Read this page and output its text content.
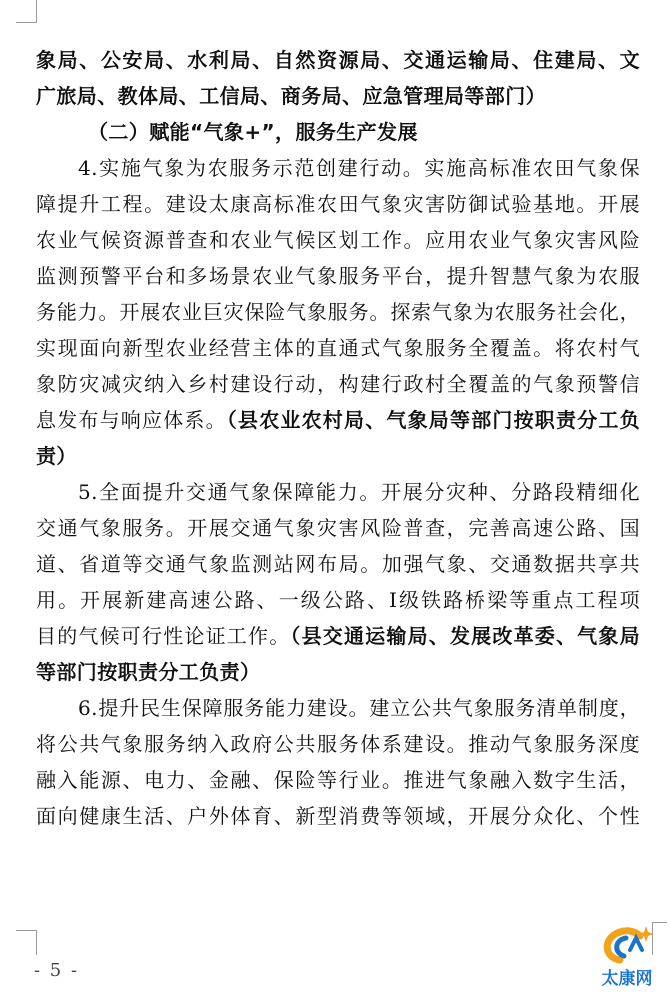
象局、公安局、水利局、自然资源局、交通运输局、住建局、文
广旅局、教体局、工信局、商务局、应急管理局等部门）
（二）赋能“气象+”，服务生产发展
4.实施气象为农服务示范创建行动。实施高标准农田气象保
障提升工程。建设太康高标准农田气象灾害防御试验基地。开展
农业气候资源普查和农业气候区划工作。应用农业气象灾害风险
监测预警平台和多场景农业气象服务平台，提升智慧气象为农服
务能力。开展农业巨灾保险气象服务。探索气象为农服务社会化，
实现面向新型农业经营主体的直通式气象服务全覆盖。将农村气
象防灾减灾纳入乡村建设行动，构建行政村全覆盖的气象预警信
息发布与响应体系。（县农业农村局、气象局等部门按职责分工负
责）
5.全面提升交通气象保障能力。开展分灾种、分路段精细化
交通气象服务。开展交通气象灾害风险普查，完善高速公路、国
道、省道等交通气象监测站网布局。加强气象、交通数据共享共
用。开展新建高速公路、一级公路、Ⅰ级铁路桥梁等重点工程项
目的气候可行性论证工作。（县交通运输局、发展改革委、气象局
等部门按职责分工负责）
6.提升民生保障服务能力建设。建立公共气象服务清单制度，
将公共气象服务纳入政府公共服务体系建设。推动气象服务深度
融入能源、电力、金融、保险等行业。推进气象融入数字生活，
面向健康生活、户外体育、新型消费等领域，开展分众化、个性
- 5 -	太康网
